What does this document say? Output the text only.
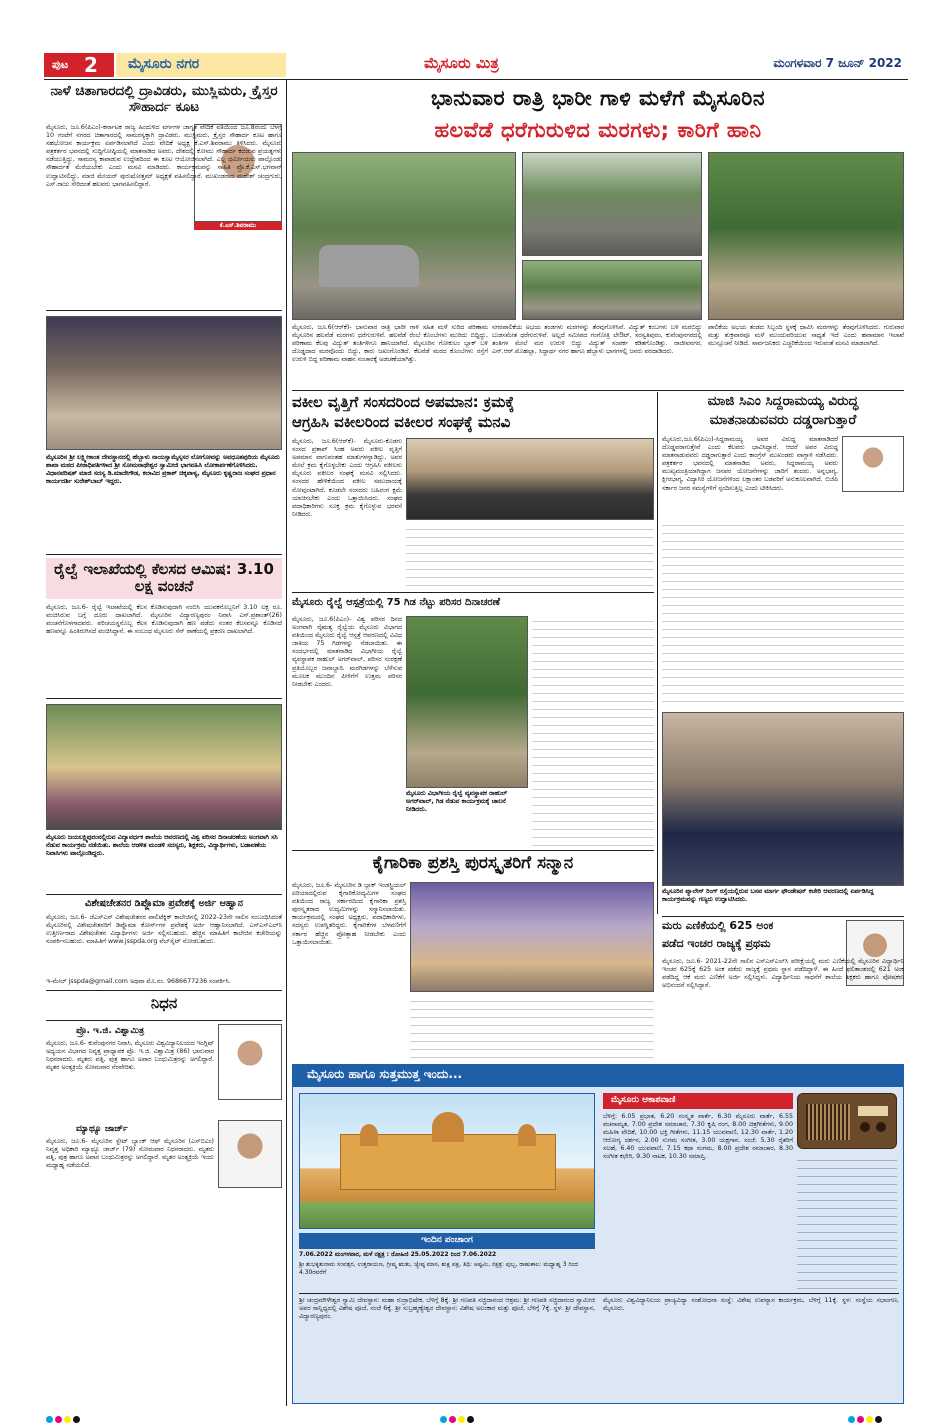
ಪುಟ 2 ಮೈಸೂರು ನಗರ	ಮೈಸೂರು ಮಿತ್ರ	ಮಂಗಳವಾರ 7 ಜೂನ್ 2022
ನಾಳೆ ಚಿತಾಗಾರದಲ್ಲಿ ದ್ರಾವಿಡರು, ಮುಸ್ಲಿಮರು, ಕ್ರೈಸ್ತರ ಸೌಹಾರ್ದ ಕೂಟ
ಕೆ.ಎಸ್.ಶಿವರಾಮು
ಮೈಸೂರು, ಜೂ.6(ಪಿಎಂ)-ಕರ್ನಾಟಕ ರಾಜ್ಯ ಹಿಂದುಳಿದ ವರ್ಗಗಳ ಜಾಗೃತ ವೇದಿಕೆ ವತಿಯಿಂದ ಜೂ.8ರಂದು ಬೆಳಗ್ಗೆ 10 ಗಂಟೆಗೆ ನಗರದ ಚಿತಾಗಾರದಲ್ಲಿ ಸಾಮರಸ್ಯಕ್ಕಾಗಿ ದ್ರಾವಿಡರು, ಮುಸ್ಲಿಮರು, ಕ್ರೈಸ್ತರ ಸೌಹಾರ್ದ ಕೂಟ ಹಾಗೂ ಸಹಭೋಜನ ಕಾರ್ಯಕ್ರಮ ಏರ್ಪಡಿಸಲಾಗಿದೆ ಎಂದು ವೇದಿಕೆ ಅಧ್ಯಕ್ಷ ಕೆ.ಎಸ್.ಶಿವರಾಮು ತಿಳಿಸಿದರು. ಮೈಸೂರು ಪತ್ರಕರ್ತರ ಭವನದಲ್ಲಿ ಸುದ್ದಿಗೋಷ್ಠಿಯಲ್ಲಿ ಮಾತನಾಡಿದ ಅವರು, ದೇಶದಲ್ಲಿ ಕೋಮು ಸೌಹಾರ್ದ ಕದಡುವ ಪ್ರಯತ್ನಗಳು ನಡೆಯುತ್ತಿದ್ದು, ಸಾಮರಸ್ಯ ಕಾಪಾಡುವ ಉದ್ದೇಶದಿಂದ ಈ ಕೂಟ ಆಯೋಜಿಸಲಾಗಿದೆ. ಎಲ್ಲ ಧರ್ಮೀಯರು ಪಾಲ್ಗೊಂಡು ಸೌಹಾರ್ದತೆ ಮೆರೆಯಬೇಕು ಎಂದು ಮನವಿ ಮಾಡಿದರು. ಕಾರ್ಯಕ್ರಮವನ್ನು ಸಾಹಿತಿ ಪ್ರೊ.ಕೆ.ಎಸ್.ಭಗವಾನ್ ಉದ್ಘಾಟಿಸಲಿದ್ದು, ಮಾಜಿ ಮೇಯರ್ ಪುರುಷೋತ್ತಮ್ ಅಧ್ಯಕ್ಷತೆ ವಹಿಸಲಿದ್ದಾರೆ. ಮುಖಂಡರಾದ ಮಹೇಶ್ ಚಂದ್ರಗುರು, ಎಸ್.ರಾಜು ಸೇರಿದಂತೆ ಹಲವರು ಭಾಗವಹಿಸಲಿದ್ದಾರೆ.
ಮೈಸೂರಿನ ಶ್ರೀ ಲಕ್ಷ್ಮೀಕಾಂತ ದೇವಸ್ಥಾನದಲ್ಲಿ ಹೆಬ್ಬಾಳು ನಾಯಸ್ವಾಮೈಸ್ಕಸರ ಲೋಗೋವನ್ನು ಅವಧೂತಪುರಿಯ ಮೈಸೂರು ಶಾಖಾ ಮಠದ ಪೀಠಾಧಿಪತಿಗಳಾದ ಶ್ರೀ ಸೋಮನಾಥೇಶ್ವರ ಸ್ವಾಮೀಜಿ ಭಾಗವಹಿಸಿ ಲೋಕಾರ್ಪಣೆಗೊಳಿಸಿದರು. ವಿಧಾನಪರಿಷತ್ ಮಾಜಿ ಸದಸ್ಯ ಡಿ.ಮಾದೇಗೌಡ, ಕಲಾವಿದ ಪ್ರಕಾಶ್ ಚಿಕ್ಕಪಾಳ್ಯ, ಮೈಸೂರು ಕೃಷ್ಣರಾಜ ಸಂಘದ ಪ್ರಧಾನ ಕಾರ್ಯದರ್ಶಿ ಸುರೇಶ್‌ಬಾಬ್ ಇದ್ದರು.
ರೈಲ್ವೆ ಇಲಾಖೆಯಲ್ಲಿ ಕೆಲಸದ ಆಮಿಷ: 3.10 ಲಕ್ಷ ವಂಚನೆ
ಮೈಸೂರು, ಜೂ.6- ರೈಲ್ವೆ ಇಲಾಖೆಯಲ್ಲಿ ಕೆಲಸ ಕೊಡಿಸುವುದಾಗಿ ನಂಬಿಸಿ ಯುವಕನೊಬ್ಬನಿಗೆ 3.10 ಲಕ್ಷ ರೂ. ವಂಚಿಸಿರುವ ಬಗ್ಗೆ ದೂರು ದಾಖಲಾಗಿದೆ. ಮೈಸೂರಿನ ವಿದ್ಯಾರಣ್ಯಪುರಂ ನಿವಾಸಿ ಎಸ್.ಪ್ರಶಾಂತ್(26) ವಂಚನೆಗೊಳಗಾದವರು. ಪರಿಚಯಸ್ಥನೊಬ್ಬ ಕೆಲಸ ಕೊಡಿಸುವುದಾಗಿ ಹಣ ಪಡೆದು ನಂತರ ಕೆಲಸವನ್ನೂ ಕೊಡಿಸದೆ ಹಣವನ್ನೂ ಹಿಂತಿರುಗಿಸದೆ ವಂಚಿಸಿದ್ದಾನೆ. ಈ ಸಂಬಂಧ ಮೈಸೂರು ಸೆನ್ ಠಾಣೆಯಲ್ಲಿ ಪ್ರಕರಣ ದಾಖಲಾಗಿದೆ.
ಮೈಸೂರು ಜಯಲಕ್ಷ್ಮಿಪುರಂನಲ್ಲಿರುವ ವಿದ್ಯಾವರ್ಧಕ ಶಾಲೆಯ ಆವರಣದಲ್ಲಿ ವಿಶ್ವ ಪರಿಸರ ದಿನಾಚರಣೆಯ ಅಂಗವಾಗಿ ಸಸಿ ನೆಡುವ ಕಾರ್ಯಕ್ರಮ ನಡೆಯಿತು. ಶಾಲೆಯ ಆಡಳಿತ ಮಂಡಳಿ ಸದಸ್ಯರು, ಶಿಕ್ಷಕರು, ವಿದ್ಯಾರ್ಥಿಗಳು, ಬಡಾವಣೆಯ ನಿವಾಸಿಗಳು ಪಾಲ್ಗೊಂಡಿದ್ದರು.
ವಿಶೇಷಚೇತನರ ಡಿಪ್ಲೊಮಾ ಪ್ರವೇಶಕ್ಕೆ ಅರ್ಜಿ ಆಹ್ವಾನ
ಮೈಸೂರು, ಜೂ.6- ಜೆಎಸ್‌ಎಸ್ ವಿಶೇಷಚೇತನರ ಪಾಲಿಟೆಕ್ನಿಕ್ ಕಾಲೇಜಿನಲ್ಲಿ 2022-23ನೇ ಸಾಲಿನ ಸಂಬಂಧಿಸಿದಂತೆ ಮೈಸೂರಿನಲ್ಲಿ ವಿಶೇಷಚೇತನರಿಗೆ ಡಿಪ್ಲೊಮಾ ಕೋರ್ಸ್‌ಗಳ ಪ್ರವೇಶಕ್ಕೆ ಅರ್ಜಿ ಆಹ್ವಾನಿಸಲಾಗಿದೆ. ಎಸ್‌ಎಸ್‌ಎಲ್‌ಸಿ ಉತ್ತೀರ್ಣರಾದ ವಿಶೇಷಚೇತನ ವಿದ್ಯಾರ್ಥಿಗಳು ಅರ್ಜಿ ಸಲ್ಲಿಸಬಹುದು. ಹೆಚ್ಚಿನ ಮಾಹಿತಿಗೆ ಕಾಲೇಜಿನ ಕಚೇರಿಯನ್ನು ಸಂಪರ್ಕಿಸಬಹುದು. ಮಾಹಿತಿಗೆ www.jsspda.org ವೆಬ್‌ಸೈಟ್ ನೋಡಬಹುದು.
ಇ-ಮೇಲ್ jsspda@gmail.com ಅಥವಾ ಮೊ.ನಂ. 9686677236 ಸಂಪರ್ಕಿಸಿ.
ನಿಧನ
ಪ್ರೊ. ಇ.ಜಿ. ವಿಶ್ವಾಮಿತ್ರ
ಮೈಸೂರು, ಜೂ.6- ಕುವೆಂಪುನಗರ ನಿವಾಸಿ, ಮೈಸೂರು ವಿಶ್ವವಿದ್ಯಾನಿಲಯದ ಇಂಗ್ಲಿಷ್ ಅಧ್ಯಯನ ವಿಭಾಗದ ನಿವೃತ್ತ ಪ್ರಾಧ್ಯಾಪಕ ಪ್ರೊ. ಇ.ಜಿ. ವಿಶ್ವಾಮಿತ್ರ (86) ಭಾನುವಾರ ನಿಧನರಾದರು. ಮೃತರು ಪತ್ನಿ, ಪುತ್ರ ಹಾಗೂ ಅಪಾರ ಬಂಧುಮಿತ್ರರನ್ನು ಅಗಲಿದ್ದಾರೆ. ಮೃತರ ಅಂತ್ಯಕ್ರಿಯೆ ಸೋಮವಾರ ನೆರವೇರಿತು.
ಮ್ಯಾಥ್ಯೂ ಜಾರ್ಜ್
ಮೈಸೂರು, ಜೂ.6- ಮೈಸೂರಿನ ಸ್ಟೇಟ್ ಬ್ಯಾಂಕ್ ಆಫ್ ಮೈಸೂರಿನ (ಎಸ್‌ಬಿಎಂ) ನಿವೃತ್ತ ಅಧಿಕಾರಿ ಮ್ಯಾಥ್ಯೂ ಜಾರ್ಜ್ (79) ಸೋಮವಾರ ನಿಧನರಾದರು. ಮೃತರು ಪತ್ನಿ, ಪುತ್ರ ಹಾಗೂ ಅಪಾರ ಬಂಧುಮಿತ್ರರನ್ನು ಅಗಲಿದ್ದಾರೆ. ಮೃತರ ಅಂತ್ಯಕ್ರಿಯೆ ಇಂದು ಮಧ್ಯಾಹ್ನ ನಡೆಯಲಿದೆ.
ಭಾನುವಾರ ರಾತ್ರಿ ಭಾರೀ ಗಾಳಿ ಮಳೆಗೆ ಮೈಸೂರಿನ
ಹಲವೆಡೆ ಧರೆಗುರುಳಿದ ಮರಗಳು; ಕಾರಿಗೆ ಹಾನಿ
ಮೈಸೂರು, ಜೂ.6(ಆರ್‌ಕೆ)- ಭಾನುವಾರ ರಾತ್ರಿ ಭಾರೀ ಗಾಳಿ ಸಹಿತ ಮಳೆ ಸುರಿದ ಪರಿಣಾಮ ಮೈಸೂರಿನ ಹಲವೆಡೆ ಮರಗಳು ಧರೆಗುರುಳಿವೆ. ಹಲವೆಡೆ ರೆಂಬೆ ಕೊಂಬೆಗಳು ಮುರಿದು ಬಿದ್ದಿದ್ದು, ಪರಿಣಾಮ ಕೆಲವು ವಿದ್ಯುತ್ ತಂತಿಗಳಿಗೂ ಹಾನಿಯಾಗಿದೆ. ಮೈಸೂರಿನ ಗೋಕುಲಂ ಬ್ಲಾಕ್ ಬಳಿ ದೊಡ್ಡದಾದ ಮರವೊಂದು ಬಿದ್ದು, ಕಾರು ಜಖಂಗೊಂಡಿದೆ. ಕೆಲವೆಡೆ ಮರದ ಕೊಂಬೆಗಳು ರಸ್ತೆಗೆ ಉರುಳಿ ಬಿದ್ದ ಪರಿಣಾಮ ವಾಹನ ಸಂಚಾರಕ್ಕೆ ಅಡಚಣೆಯಾಗಿತ್ತು.
ನಗರಪಾಲಿಕೆಯ ಅಭಯ ತಂಡಗಳು ಮರಗಳನ್ನು ತೆರವುಗೊಳಿಸಿವೆ. ವಿದ್ಯುತ್ ಕಂಬಗಳು ಬಳಿ ಮರಬಿದ್ದು ಬುಡಸಮೇತ ಧರೆಗುರುಳಿವೆ. ಅಲ್ಲದೆ ಸಮೀಪದ ಗಂಗೋತ್ರಿ ಲೇಔಟ್, ಸರಸ್ವತಿಪುರಂ, ಕುವೆಂಪುನಗರದಲ್ಲಿ ತಂತಿಗಳ ಮೇಲೆ ಮರ ಉರುಳಿ ಬಿದ್ದು ವಿದ್ಯುತ್ ಸಂಪರ್ಕ ಕಡಿತಗೊಂಡಿತ್ತು. ರಾಜೀವನಗರ, ಎನ್.ಆರ್.ಮೊಹಲ್ಲಾ, ಸಿದ್ದಾರ್ಥ ನಗರ ಹಾಗೂ ಹೆಬ್ಬಾಳು ಭಾಗಗಳಲ್ಲಿ ಜನರು ಪರದಾಡಿದರು.
ಪಾಲಿಕೆಯ ಅಭಯ ತಂಡದ ಸಿಬ್ಬಂದಿ ಸ್ಥಳಕ್ಕೆ ಧಾವಿಸಿ ಮರಗಳನ್ನು ತೆರವುಗೊಳಿಸಿದರು. ಗುರುವಾರ ಮತ್ತು ಶುಕ್ರವಾರವೂ ಮಳೆ ಮುಂದುವರಿಯುವ ಸಾಧ್ಯತೆ ಇದೆ ಎಂದು ಹವಾಮಾನ ಇಲಾಖೆ ಮುನ್ಸೂಚನೆ ನೀಡಿದೆ. ಸಾರ್ವಜನಿಕರು ಎಚ್ಚರಿಕೆಯಿಂದ ಇರುವಂತೆ ಮನವಿ ಮಾಡಲಾಗಿದೆ.
ವಕೀಲ ವೃತ್ತಿಗೆ ಸಂಸದರಿಂದ ಅಪಮಾನ: ಕ್ರಮಕ್ಕೆ
ಆಗ್ರಹಿಸಿ ವಕೀಲರಿಂದ ವಕೀಲರ ಸಂಘಕ್ಕೆ ಮನವಿ
ಮೈಸೂರು, ಜೂ.6(ಆರ್‌ಕೆ)- ಮೈಸೂರು-ಕೊಡಗು ಸಂಸದ ಪ್ರತಾಪ್ ಸಿಂಹ ಅವರು ವಕೀಲ ವೃತ್ತಿಗೆ ಅಪಮಾನ ವಾಗುವಂತಹ ಮಾತುಗಳನ್ನಾಡಿದ್ದು, ಅವರ ಮೇಲೆ ಕ್ರಮ ಕೈಗೊಳ್ಳಬೇಕು ಎಂದು ಆಗ್ರಹಿಸಿ ವಕೀಲರು ಮೈಸೂರು ವಕೀಲರ ಸಂಘಕ್ಕೆ ಮನವಿ ಸಲ್ಲಿಸಿದರು. ಸಂಸದರ ಹೇಳಿಕೆಯಿಂದ ವಕೀಲ ಸಮುದಾಯಕ್ಕೆ ನೋವುಂಟಾಗಿದೆ. ಕೂಡಲೇ ಸಂಸದರು ಬಹಿರಂಗ ಕ್ಷಮೆ ಯಾಚಿಸಬೇಕು ಎಂದು ಒತ್ತಾಯಿಸಿದರು. ಸಂಘದ ಪದಾಧಿಕಾರಿಗಳು ಸೂಕ್ತ ಕ್ರಮ ಕೈಗೊಳ್ಳುವ ಭರವಸೆ ನೀಡಿದರು.
ಮಾಜಿ ಸಿಎಂ ಸಿದ್ದರಾಮಯ್ಯ ವಿರುದ್ಧ
ಮಾತನಾಡುವವರು ದಡ್ಡರಾಗುತ್ತಾರೆ
ಮೈಸೂರು,ಜೂ.6(ಪಿಎಂ)-ಸಿದ್ದರಾಮಯ್ಯ ಅವರ ವಿರುದ್ಧ ಮಾತನಾಡಿದರೆ ದೊಡ್ಡವರಾಗುತ್ತೇವೆ ಎಂದು ಕೆಲವರು ಭಾವಿಸಿದ್ದಾರೆ. ಆದರೆ ಅವರ ವಿರುದ್ಧ ಮಾತನಾಡುವವರು ದಡ್ಡರಾಗುತ್ತಾರೆ ಎಂದು ಕಾಂಗ್ರೆಸ್ ಮುಖಂಡರು ವಾಗ್ದಾಳಿ ನಡೆಸಿದರು. ಪತ್ರಕರ್ತರ ಭವನದಲ್ಲಿ ಮಾತನಾಡಿದ ಅವರು, ಸಿದ್ದರಾಮಯ್ಯ ಅವರು ಮುಖ್ಯಮಂತ್ರಿಯಾಗಿದ್ದಾಗ ಜನಪರ ಯೋಜನೆಗಳನ್ನು ಜಾರಿಗೆ ತಂದರು. ಅನ್ನಭಾಗ್ಯ, ಕ್ಷೀರಭಾಗ್ಯ, ವಿದ್ಯಾಸಿರಿ ಯೋಜನೆಗಳಿಂದ ಲಕ್ಷಾಂತರ ಬಡವರಿಗೆ ಅನುಕೂಲವಾಗಿದೆ. ಬಿಜೆಪಿ ಸರ್ಕಾರ ಜನರ ಸಮಸ್ಯೆಗಳಿಗೆ ಸ್ಪಂದಿಸುತ್ತಿಲ್ಲ ಎಂದು ಟೀಕಿಸಿದರು.
ಮೈಸೂರಿನ ಪ್ಯಾಲೇಸ್ ರಿಂಗ್ ರಸ್ತೆಯಲ್ಲಿರುವ ಬಸವ ಮಾರ್ಗ ಫೌಂಡೇಷನ್ ಕಚೇರಿ ಆವರಣದಲ್ಲಿ ಏರ್ಪಡಿಸಿದ್ದ ಕಾರ್ಯಕ್ರಮವನ್ನು ಗಣ್ಯರು ಉದ್ಘಾಟಿಸಿದರು.
ಮೈಸೂರು ರೈಲ್ವೆ ಆಸ್ಪತ್ರೆಯಲ್ಲಿ 75 ಗಿಡ ನೆಟ್ಟು ಪರಿಸರ ದಿನಾಚರಣೆ
ಮೈಸೂರು, ಜೂ.6(ಪಿಎಂ)- ವಿಶ್ವ ಪರಿಸರ ದಿನದ ಅಂಗವಾಗಿ ನೈಋತ್ಯ ರೈಲ್ವೆಯ ಮೈಸೂರು ವಿಭಾಗದ ವತಿಯಿಂದ ಮೈಸೂರು ರೈಲ್ವೆ ಆಸ್ಪತ್ರೆ ಆವರಣದಲ್ಲಿ ವಿವಿಧ ಜಾತಿಯ 75 ಗಿಡಗಳನ್ನು ನೆಡಲಾಯಿತು. ಈ ಸಂದರ್ಭದಲ್ಲಿ ಮಾತನಾಡಿದ ವಿಭಾಗೀಯ ರೈಲ್ವೆ ವ್ಯವಸ್ಥಾಪಕ ರಾಹುಲ್ ಅಗರ್‌ವಾಲ್, ಪರಿಸರ ಸಂರಕ್ಷಣೆ ಪ್ರತಿಯೊಬ್ಬರ ಜವಾಬ್ದಾರಿ. ಮರಗಿಡಗಳನ್ನು ಬೆಳೆಸುವ ಮೂಲಕ ಮುಂದಿನ ಪೀಳಿಗೆಗೆ ಉತ್ತಮ ಪರಿಸರ ನೀಡಬೇಕು ಎಂದರು.
ಮೈಸೂರು ವಿಭಾಗೀಯ ರೈಲ್ವೆ ವ್ಯವಸ್ಥಾಪಕ ರಾಹುಲ್ ಅಗರ್‌ವಾಲ್, ಗಿಡ ನೆಡುವ ಕಾರ್ಯಕ್ರಮಕ್ಕೆ ಚಾಲನೆ ನೀಡಿದರು.
ಕೈಗಾರಿಕಾ ಪ್ರಶಸ್ತಿ ಪುರಸ್ಕೃತರಿಗೆ ಸನ್ಮಾನ
ಮೈಸೂರು, ಜೂ.6- ಮೈಸೂರಿನ ಡಿ ಬ್ಲಾಕ್ ಇಂಡಸ್ಟ್ರಿಯಲ್ ಏರಿಯಾದಲ್ಲಿರುವ ಕೈಗಾರಿಕೋದ್ಯಮಿಗಳ ಸಂಘದ ವತಿಯಿಂದ ರಾಜ್ಯ ಸರ್ಕಾರದಿಂದ ಕೈಗಾರಿಕಾ ಪ್ರಶಸ್ತಿ ಪುರಸ್ಕೃತರಾದ ಉದ್ಯಮಿಗಳನ್ನು ಸನ್ಮಾನಿಸಲಾಯಿತು. ಕಾರ್ಯಕ್ರಮದಲ್ಲಿ ಸಂಘದ ಅಧ್ಯಕ್ಷರು, ಪದಾಧಿಕಾರಿಗಳು, ಸದಸ್ಯರು ಉಪಸ್ಥಿತರಿದ್ದರು. ಕೈಗಾರಿಕೆಗಳ ಬೆಳವಣಿಗೆಗೆ ಸರ್ಕಾರ ಹೆಚ್ಚಿನ ಪ್ರೋತ್ಸಾಹ ನೀಡಬೇಕು ಎಂದು ಒತ್ತಾಯಿಸಲಾಯಿತು.
ಮರು ಎಣಿಕೆಯಲ್ಲಿ 625 ಅಂಕ
ಪಡೆದ ಇಂಚರ ರಾಜ್ಯಕ್ಕೆ ಪ್ರಥಮ
ಮೈಸೂರು, ಜೂ.6- 2021-22ನೇ ಸಾಲಿನ ಎಸ್‌ಎಸ್‌ಎಲ್‌ಸಿ ಪರೀಕ್ಷೆಯಲ್ಲಿ ಮರು ಎಣಿಕೆಯಲ್ಲಿ ಮೈಸೂರಿನ ವಿದ್ಯಾರ್ಥಿನಿ ಇಂಚರ 625ಕ್ಕೆ 625 ಅಂಕ ಪಡೆದು ರಾಜ್ಯಕ್ಕೆ ಪ್ರಥಮ ಸ್ಥಾನ ಪಡೆದಿದ್ದಾಳೆ. ಈ ಹಿಂದೆ ಫಲಿತಾಂಶದಲ್ಲಿ 621 ಅಂಕ ಪಡೆದಿದ್ದ ಆಕೆ ಮರು ಎಣಿಕೆಗೆ ಅರ್ಜಿ ಸಲ್ಲಿಸಿದ್ದಳು. ವಿದ್ಯಾರ್ಥಿನಿಯ ಸಾಧನೆಗೆ ಶಾಲೆಯ ಶಿಕ್ಷಕರು ಹಾಗೂ ಪೋಷಕರು ಅಭಿನಂದನೆ ಸಲ್ಲಿಸಿದ್ದಾರೆ.
ಮೈಸೂರು ಹಾಗೂ ಸುತ್ತಮುತ್ತ ಇಂದು...
ಇಂದಿನ ಪಂಚಾಂಗ
7.06.2022 ಮಂಗಳವಾರ, ಮಳೆ ನಕ್ಷತ್ರ : ರೋಹಿಣಿ 25.05.2022 ರಿಂದ 7.06.2022
ಶ್ರೀ ಶುಭಕೃತುನಾಮ ಸಂವತ್ಸರ, ಉತ್ತರಾಯಣ, ಗ್ರೀಷ್ಮ ಋತು, ಜ್ಯೇಷ್ಠ ಮಾಸ, ಶುಕ್ಲ ಪಕ್ಷ, ತಿಥಿ: ಅಷ್ಟಮಿ, ನಕ್ಷತ್ರ: ಪುಬ್ಬ, ರಾಹುಕಾಲ: ಮಧ್ಯಾಹ್ನ 3 ರಿಂದ 4.30ರವರೆಗೆ
ಶ್ರೀ ಚಂದ್ರಮೌಳೇಶ್ವರ ಸ್ವಾಮಿ ದೇವಸ್ಥಾನ: ಮಹಾ ರುದ್ರಾಭಿಷೇಕ, ಬೆಳಿಗ್ಗೆ 8ಕ್ಕೆ. ಶ್ರೀ ಗಣಪತಿ ಸಚ್ಚಿದಾನಂದ ಆಶ್ರಮ: ಶ್ರೀ ಗಣಪತಿ ಸಚ್ಚಿದಾನಂದ ಸ್ವಾಮೀಜಿ ಅವರ ಸಾನ್ನಿಧ್ಯದಲ್ಲಿ ವಿಶೇಷ ಪೂಜೆ, ಸಂಜೆ 6ಕ್ಕೆ. ಶ್ರೀ ಸುಬ್ರಹ್ಮಣ್ಯೇಶ್ವರ ದೇವಸ್ಥಾನ: ವಿಶೇಷ ಅಲಂಕಾರ ಮತ್ತು ಪೂಜೆ, ಬೆಳಿಗ್ಗೆ 7ಕ್ಕೆ. ಸ್ಥಳ: ಶ್ರೀ ದೇವಸ್ಥಾನ, ವಿದ್ಯಾರಣ್ಯಪುರಂ.
ಮೈಸೂರು ಆಕಾಶವಾಣಿ
ಬೆಳಿಗ್ಗೆ: 6.05 ಪ್ರಭಾತ, 6.20 ಸಂಸ್ಕೃತ ವಾರ್ತೆ, 6.30 ಮೈಸೂರು ವಾರ್ತೆ, 6.55 ವಚನಾಮೃತ, 7.00 ಪ್ರದೇಶ ಸಮಾಚಾರ, 7.30 ಕೃಷಿ ರಂಗ, 8.00 ಚಿತ್ರಗೀತೆಗಳು, 9.00 ಮಹಿಳಾ ವೇದಿಕೆ, 10.00 ಭಕ್ತಿ ಗೀತೆಗಳು, 11.15 ಯುವವಾಣಿ, 12.30 ವಾರ್ತೆ, 1.20 ಆರೋಗ್ಯ ದರ್ಶನ, 2.00 ಸುಗಮ ಸಂಗೀತ, 3.00 ಯಕ್ಷಗಾನ. ಸಂಜೆ: 5.30 ರೈತರಿಗೆ ಸಲಹೆ, 6.40 ಯುವವಾಣಿ, 7.15 ಕಥಾ ಸಂಗಮ, 8.00 ಪ್ರದೇಶ ಸಮಾಚಾರ, 8.30 ಸಂಗೀತ ಕಛೇರಿ, 9.30 ನಾಟಕ, 10.30 ಸಮಾಪ್ತಿ.
ಮೈಸೂರು ವಿಶ್ವವಿದ್ಯಾನಿಲಯ ಪ್ರಾಚ್ಯವಿದ್ಯಾ ಸಂಶೋಧನಾ ಸಂಸ್ಥೆ: ವಿಶೇಷ ಉಪನ್ಯಾಸ ಕಾರ್ಯಕ್ರಮ, ಬೆಳಿಗ್ಗೆ 11ಕ್ಕೆ. ಸ್ಥಳ: ಸಂಸ್ಥೆಯ ಸಭಾಂಗಣ, ಮೈಸೂರು.
